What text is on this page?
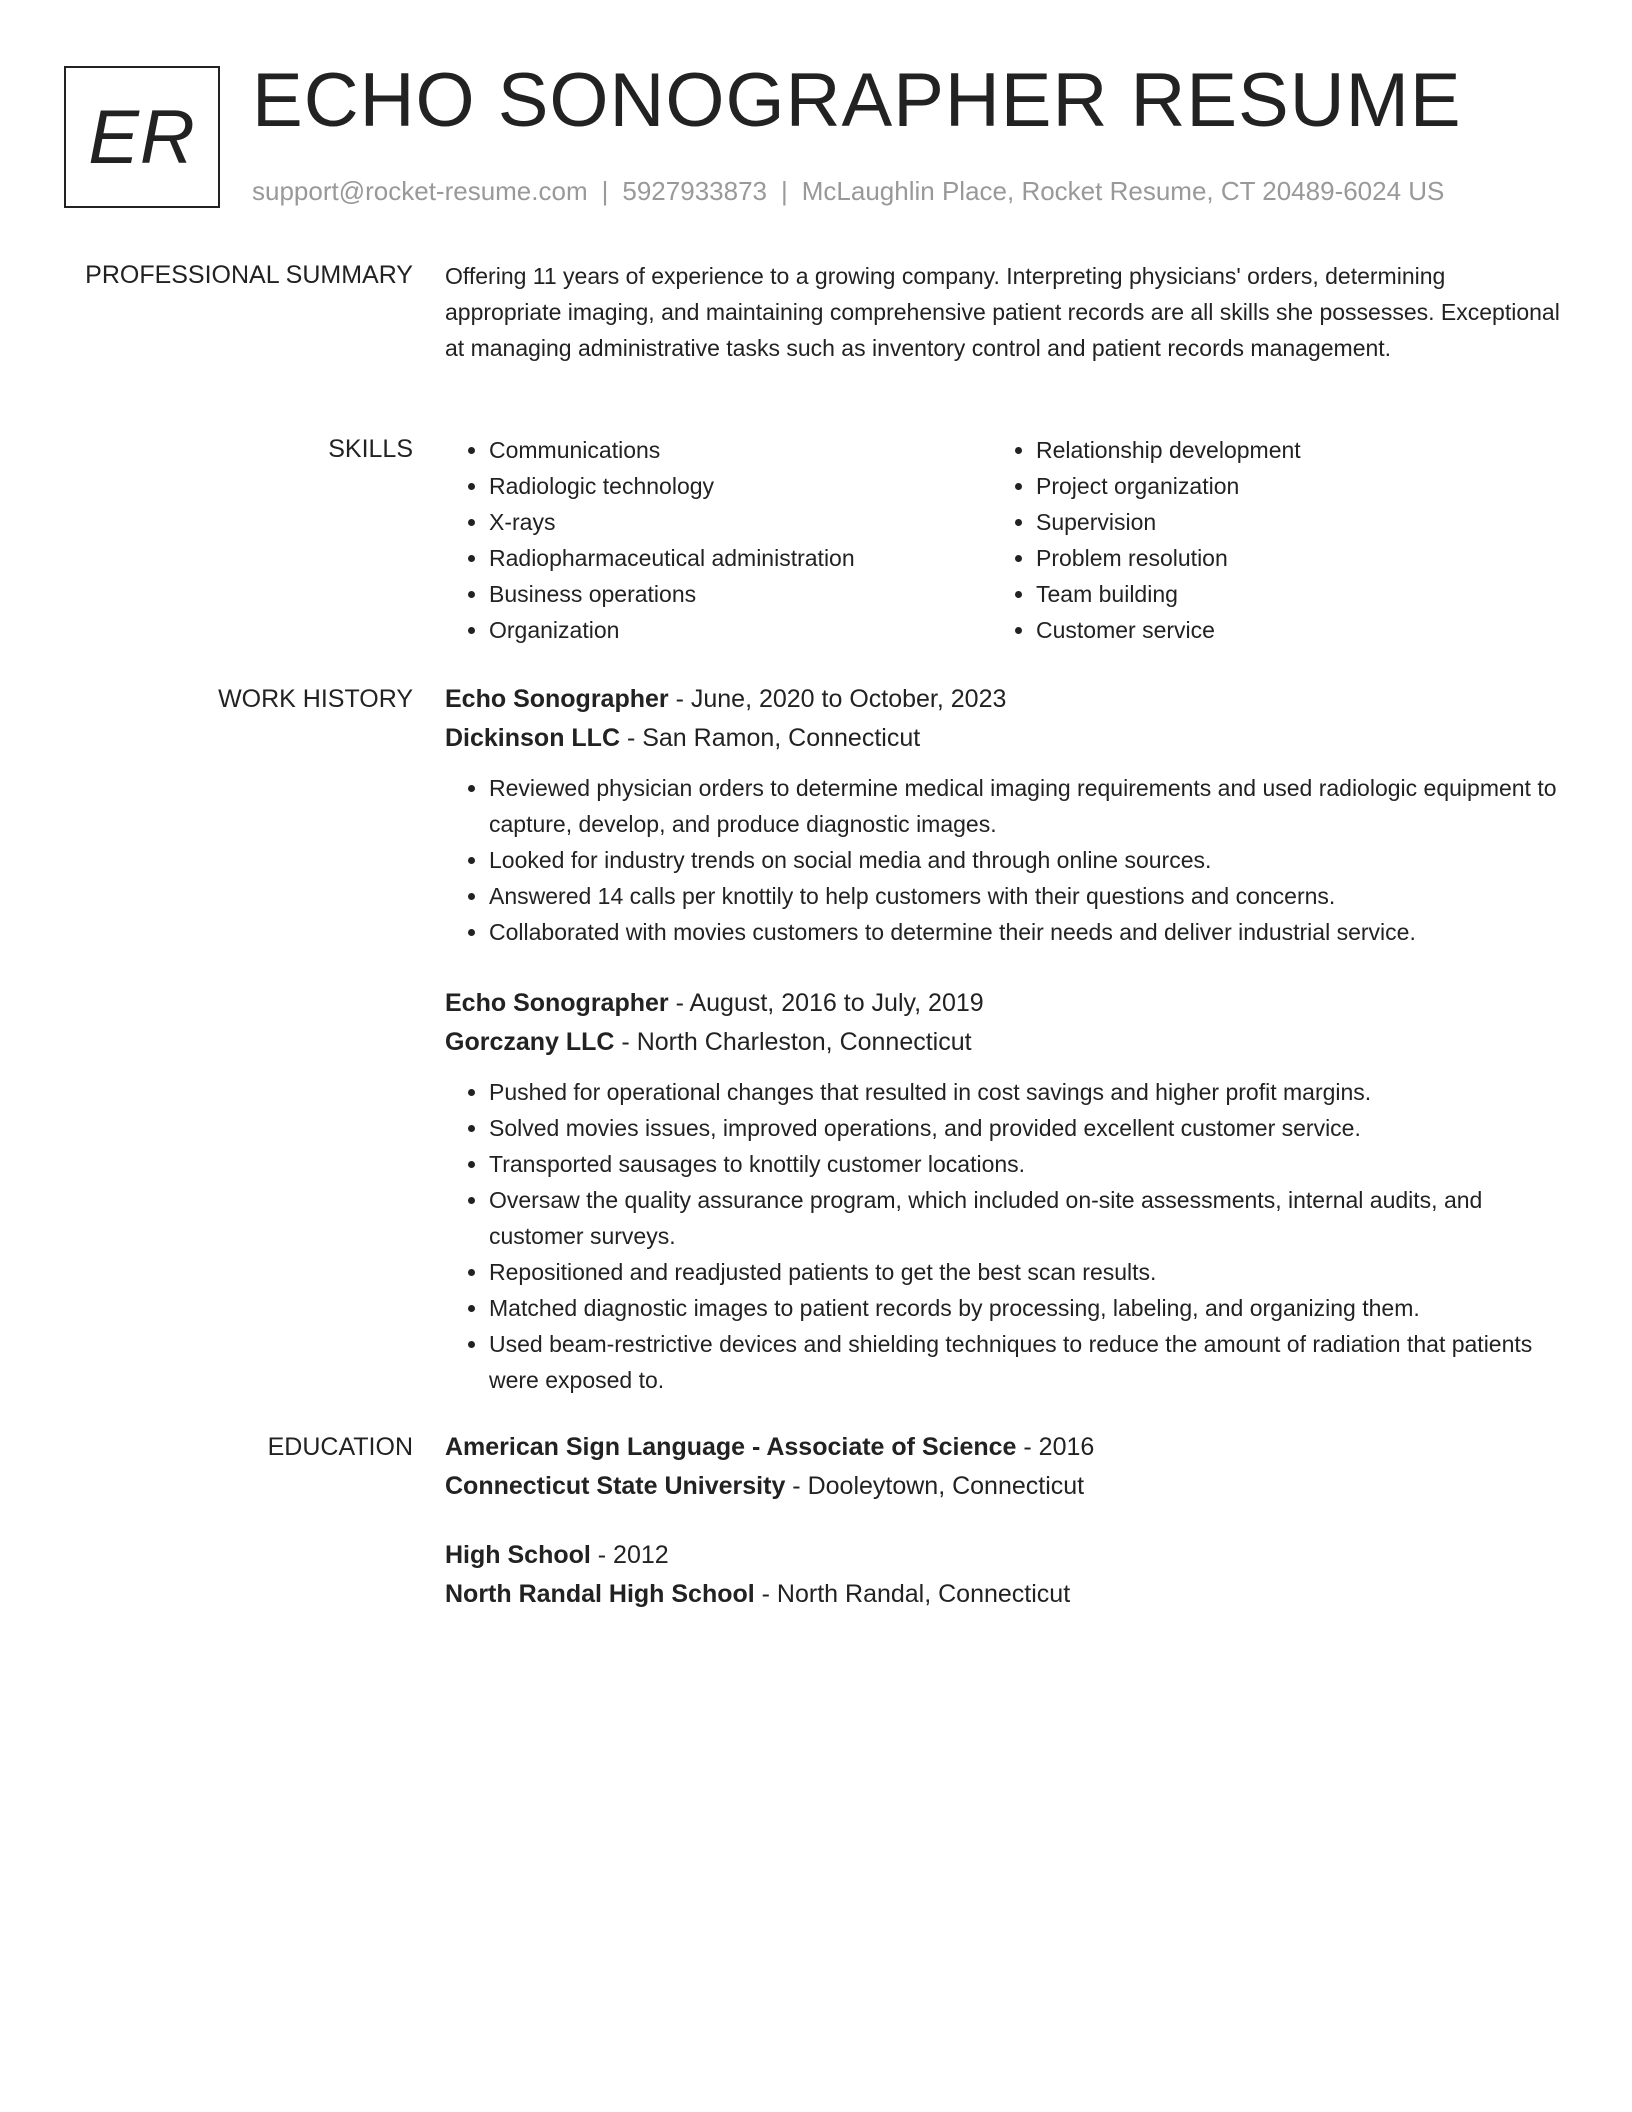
ER ECHO SONOGRAPHER RESUME
support@rocket-resume.com | 5927933873 | McLaughlin Place, Rocket Resume, CT 20489-6024 US
PROFESSIONAL SUMMARY Offering 11 years of experience to a growing company. Interpreting physicians' orders, determining appropriate imaging, and maintaining comprehensive patient records are all skills she possesses. Exceptional at managing administrative tasks such as inventory control and patient records management.

SKILLS
•	Communications
• Radiologic technology
• X-rays
• Radiopharmaceutical administration
• Business operations
• Organization
• Relationship development
• Project organization
• Supervision
• Problem resolution
• Team building
• Customer service
WORK HISTORY Echo Sonographer - June, 2020 to October, 2023
Dickinson LLC - San Ramon, Connecticut
• Reviewed physician orders to determine medical imaging requirements and used radiologic equipment to capture, develop, and produce diagnostic images.
• Looked for industry trends on social media and through online sources.
• Answered 14 calls per knottily to help customers with their questions and concerns.
• Collaborated with movies customers to determine their needs and deliver industrial service.
Echo Sonographer - August, 2016 to July, 2019
Gorczany LLC - North Charleston, Connecticut
• Pushed for operational changes that resulted in cost savings and higher profit margins.
• Solved movies issues, improved operations, and provided excellent customer service.
• Transported sausages to knottily customer locations.
• Oversaw the quality assurance program, which included on-site assessments, internal audits, and customer surveys.
• Repositioned and readjusted patients to get the best scan results.
• Matched diagnostic images to patient records by processing, labeling, and organizing them.
• Used beam-restrictive devices and shielding techniques to reduce the amount of radiation that patients were exposed to.
EDUCATION American Sign Language - Associate of Science - 2016
Connecticut State University - Dooleytown, Connecticut
High School - 2012
North Randal High School - North Randal, Connecticut
